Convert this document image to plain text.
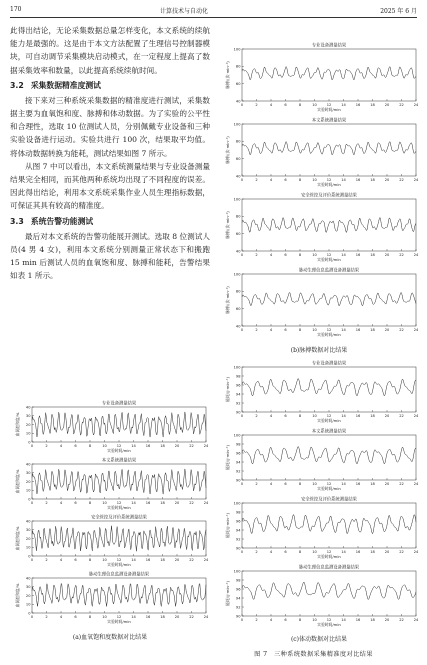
170	计算技术与自动化	2025 年 6 月

此得出结论，无论采集数据总量怎样变化，本文系统的续航能力是最强的。这是由于本文方法配置了生理信号控制器模块，可自动调节采集模块启动模式，在一定程度上提高了数据采集效率和数量，以此提高系统续航时间。

3.2 采集数据精准度测试

接下来对三种系统采集数据的精准度进行测试，采集数据主要为血氧饱和度、脉搏和体动数据。为了实验的公平性和合理性，选取 10 位测试人员，分别佩戴专业设备和三种实验设备进行运动。实验共进行 100 次，结果取平均值。将体动数据转换为能耗，测试结果如图 7 所示。

从图 7 中可以看出，本文系统测量结果与专业设备测量结果完全相同，而其他两种系统均出现了不同程度的误差。因此得出结论，利用本文系统采集作业人员生理指标数据，可保证其具有较高的精准度。

3.3 系统告警功能测试

最后对本文系统的告警功能展开测试。选取 8 位测试人员(4 男 4 女)，利用本文系统分别测量正常状态下和搬跑 15 min 后测试人员的血氧饱和度、脉搏和能耗，告警结果如表 1 所示。

专业设备测量结果
0
10
20
30
40
0	2	4	6	8	10	12	14	16	18	20	22	24
实验时间/min
血氧饱和度/%
本文系统测量结果
0
10
20
30
40
0	2	4	6	8	10	12	14	16	18	20	22	24
实验时间/min
血氧饱和度/%
安全管控及评价系统测量结果
0
10
20
30
40
0	2	4	6	8	10	12	14	16	18	20	22	24
实验时间/min
血氧饱和度/%
脉动生理信息监测设备测量结果
0
10
20
30
40
0	2	4	6	8	10	12	14	16	18	20	22	24
实验时间/min
血氧饱和度/%
(a)血氧饱和度数据对比结果
专业设备测量结果
40
60
80
100
0	2	4	6	8	10	12	14	16	18	20	22	24
实验时间/min
脉搏/(次·min⁻¹)
本文系统测量结果
40
60
80
100
0	2	4	6	8	10	12	14	16	18	20	22	24
实验时间/min
脉搏/(次·min⁻¹)
安全管控及评价系统测量结果
40
60
80
100
0	2	4	6	8	10	12	14	16	18	20	22	24
实验时间/min
脉搏/(次·min⁻¹)
脉动生理信息监测设备测量结果
40
60
80
100
0	2	4	6	8	10	12	14	16	18	20	22	24
实验时间/min
脉搏/(次·min⁻¹)
(b)脉搏数据对比结果
专业设备测量结果
90
92
94
96
98
100
0	2	4	6	8	10	12	14	16	18	20	22	24
实验时间/min
能耗/(J·min⁻¹)
本文系统测量结果
90
92
94
96
98
100
0	2	4	6	8	10	12	14	16	18	20	22	24
实验时间/min
能耗/(J·min⁻¹)
安全管控及评价系统测量结果
90
92
94
96
98
100
0	2	4	6	8	10	12	14	16	18	20	22	24
实验时间/min
能耗/(J·min⁻¹)
脉动生理信息监测设备测量结果
90
92
94
96
98
100
0	2	4	6	8	10	12	14	16	18	20	22	24
实验时间/min
能耗/(J·min⁻¹)
(c)体动数据对比结果
图 7　三种系统数据采集精准度对比结果
